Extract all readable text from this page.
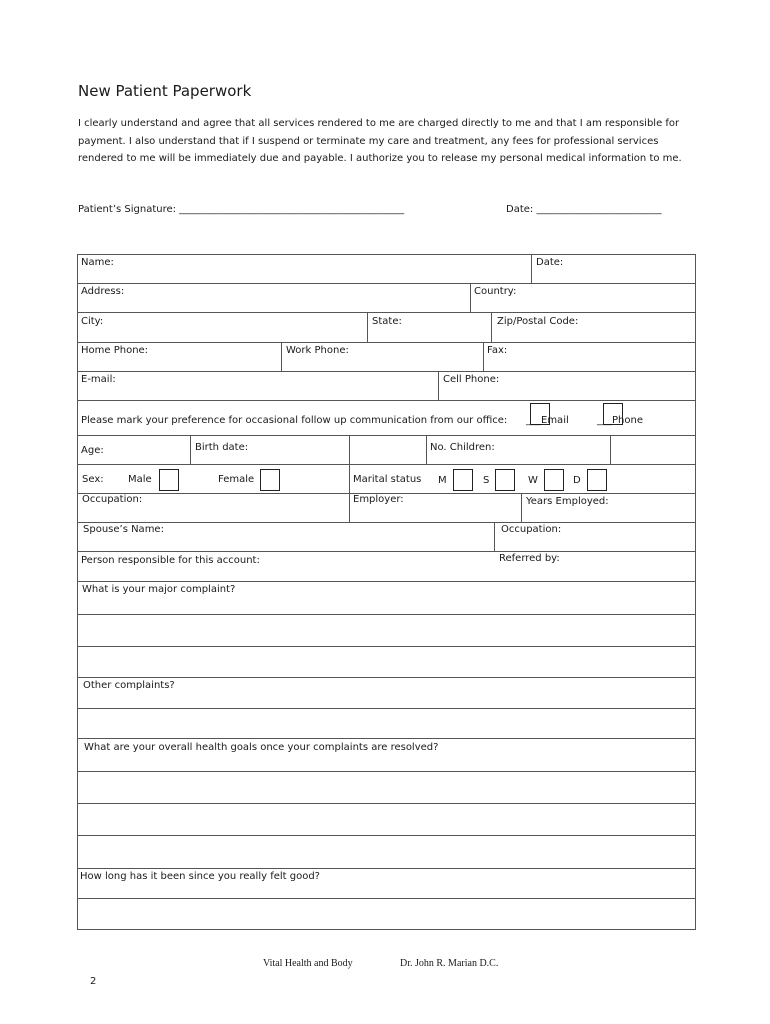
New Patient Paperwork
I clearly understand and agree that all services rendered to me are charged directly to me and that I am responsible for payment. I also understand that if I suspend or terminate my care and treatment, any fees for professional services rendered to me will be immediately due and payable. I authorize you to release my personal medical information to me.
Patient’s Signature: _____________________________________________	Date: _________________________
Name:	Date:
Address:	Country:
City:	State:	Zip/Postal Code:
Home Phone:	Work Phone:	Fax:
E-mail:	Cell Phone:
Please mark your preference for occasional follow up communication from our office: ___Email	___Phone
Age:	Birth date:	No. Children:
Sex: Male	Female	Marital status M	S	W	D
Occupation:	Employer:	Years Employed:
Spouse’s Name:	Occupation:
Person responsible for this account:	Referred by:
What is your major complaint?
Other complaints?
What are your overall health goals once your complaints are resolved?
How long has it been since you really felt good?
Vital Health and Body	Dr. John R. Marian D.C.
2
